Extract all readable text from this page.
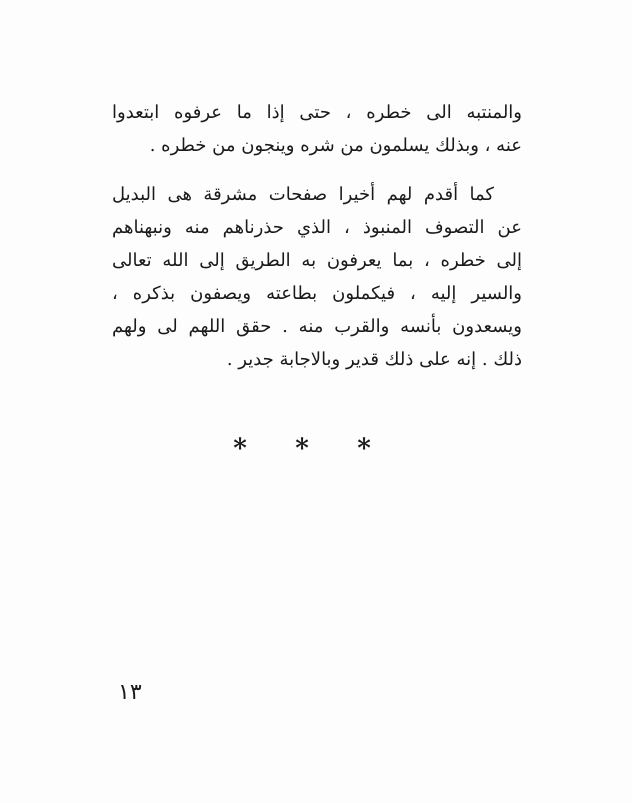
والمنتبه الى خطره ، حتى إذا ما عرفوه ابتعدوا
عنه ، وبذلك يسلمون من شره وينجون من خطره .
كما أقدم لهم أخيرا صفحات مشرقة هى البديل
عن التصوف المنبوذ ، الذي حذرناهم منه ونبهناهم
إلى خطره ، بما يعرفون به الطريق إلى الله تعالى
والسير إليه ، فيكملون بطاعته ويصفون بذكره ،
ويسعدون بأنسه والقرب منه . حقق اللهم لى ولهم
ذلك . إنه على ذلك قدير وبالاجابة جدير .
* * *
١٣
